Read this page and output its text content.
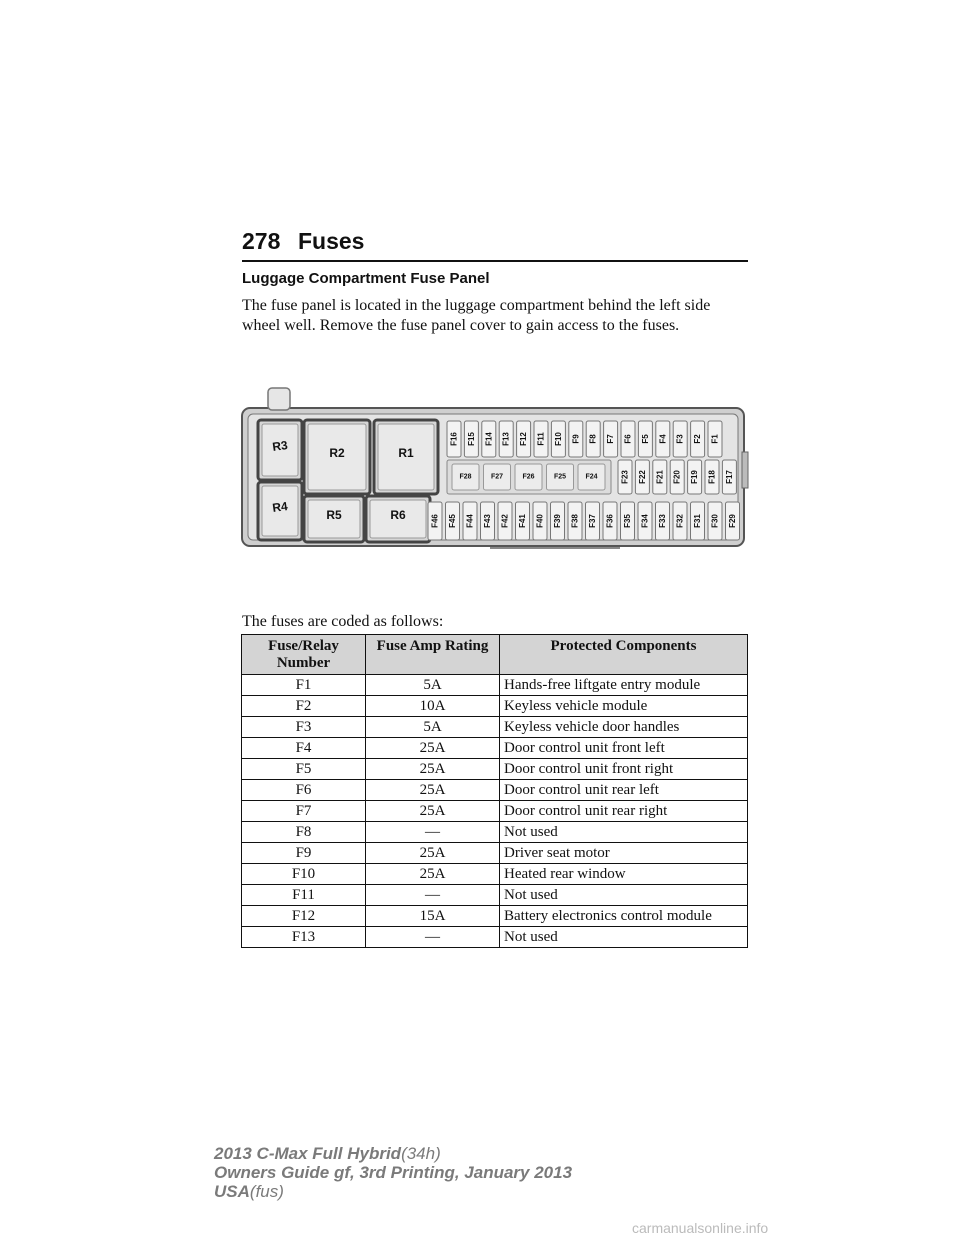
278 Fuses
Luggage Compartment Fuse Panel
The fuse panel is located in the luggage compartment behind the left side wheel well. Remove the fuse panel cover to gain access to the fuses.
R3	R2	R1
R4
R5	R6
F16 F15 F14 F13 F12 F11 F10 F9 F8 F7 F6 F5 F4 F3 F2 F1
F28	F27	F26	F25	F24	F23 F22 F21 F20 F19 F18 F17
F46 F45 F44 F43 F42 F41 F40 F39 F38 F37 F36 F35 F34 F33 F32 F31 F30 F29
The fuses are coded as follows:
Fuse/Relay Number	Fuse Amp Rating	Protected Components
F1	5A	Hands-free liftgate entry module
F2	10A	Keyless vehicle module
F3	5A	Keyless vehicle door handles
F4	25A	Door control unit front left
F5	25A	Door control unit front right
F6	25A	Door control unit rear left
F7	25A	Door control unit rear right
F8	—	Not used
F9	25A	Driver seat motor
F10	25A	Heated rear window
F11	—	Not used
F12	15A	Battery electronics control module
F13	—	Not used
2013 C-Max Full Hybrid(34h)
Owners Guide gf, 3rd Printing, January 2013
USA(fus)
carmanualsonline.info
